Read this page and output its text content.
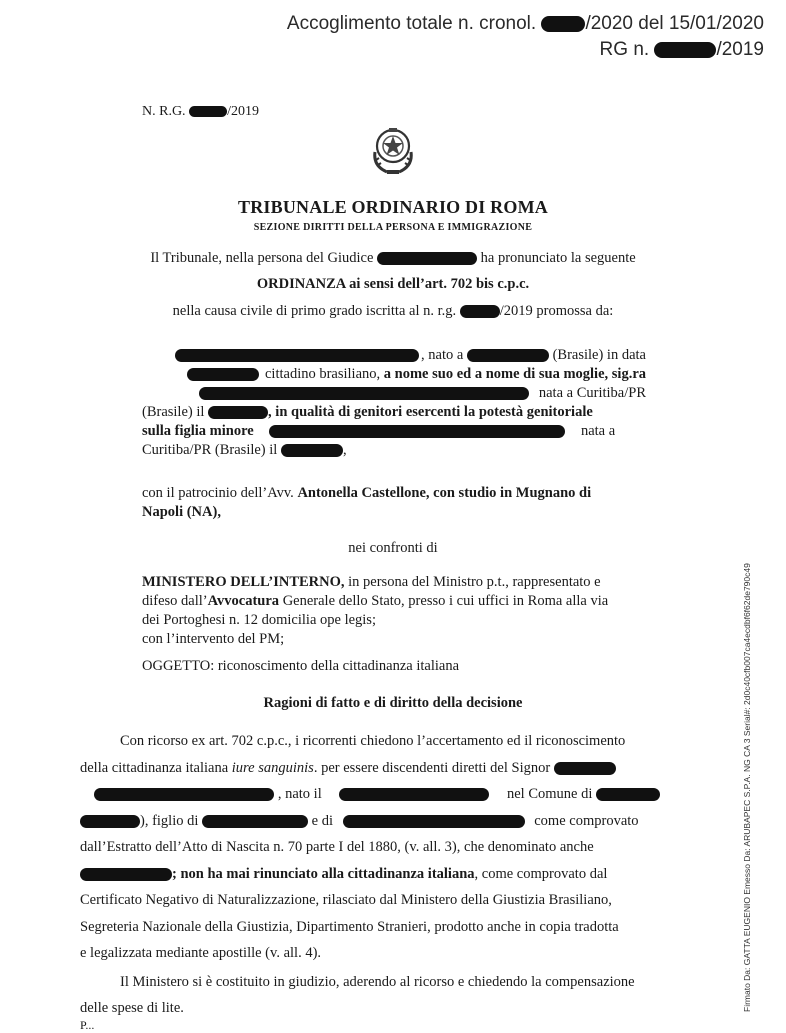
Accoglimento totale n. cronol.	/2020 del 15/01/2020
RG n.	/2019
N. R.G.	/2019
TRIBUNALE ORDINARIO DI ROMA
SEZIONE DIRITTI DELLA PERSONA E IMMIGRAZIONE
Il Tribunale, nella persona del Giudice	ha pronunciato la seguente
ORDINANZA ai sensi dell’art. 702 bis c.p.c.
nella causa civile di primo grado iscritta al n. r.g.	/2019 promossa da:

, nato a	(Brasile) in data

cittadino brasiliano, a nome suo ed a nome di sua moglie, sig.ra

nata a Curitiba/PR

(Brasile) il	, in qualità di genitori esercenti la potestà genitoriale

sulla figlia minore	nata a

Curitiba/PR (Brasile) il	,

con il patrocinio dell’Avv. Antonella Castellone, con studio in Mugnano di

Napoli (NA),

nei confronti di

MINISTERO DELL’INTERNO, in persona del Ministro p.t., rappresentato e

difeso dall’Avvocatura Generale dello Stato, presso i cui uffici in Roma alla via

dei Portoghesi n. 12 domicilia ope legis;

con l’intervento del PM;

OGGETTO: riconoscimento della cittadinanza italiana
Ragioni di fatto e di diritto della decisione
Con ricorso ex art. 702 c.p.c., i ricorrenti chiedono l’accertamento ed il riconoscimento
della cittadinanza italiana iure sanguinis. per essere discendenti diretti del Signor
, nato il	nel Comune di
), figlio di	e di	come comprovato
dall’Estratto dell’Atto di Nascita n. 70 parte I del 1880, (v. all. 3), che denominato anche
; non ha mai rinunciato alla cittadinanza italiana, come comprovato dal
Certificato Negativo di Naturalizzazione, rilasciato dal Ministero della Giustizia Brasiliano,
Segreteria Nazionale della Giustizia, Dipartimento Stranieri, prodotto anche in copia tradotta
e legalizzata mediante apostille (v. all. 4).
Il Ministero si è costituito in giudizio, aderendo al ricorso e chiedendo la compensazione
delle spese di lite.	Firmato Da: GATTA EUGENIO Emesso Da: ARUBAPEC S.P.A. NG CA 3 Serial#: 2d0c40cfb007ca4ecdbf6f62de790c49
P...
